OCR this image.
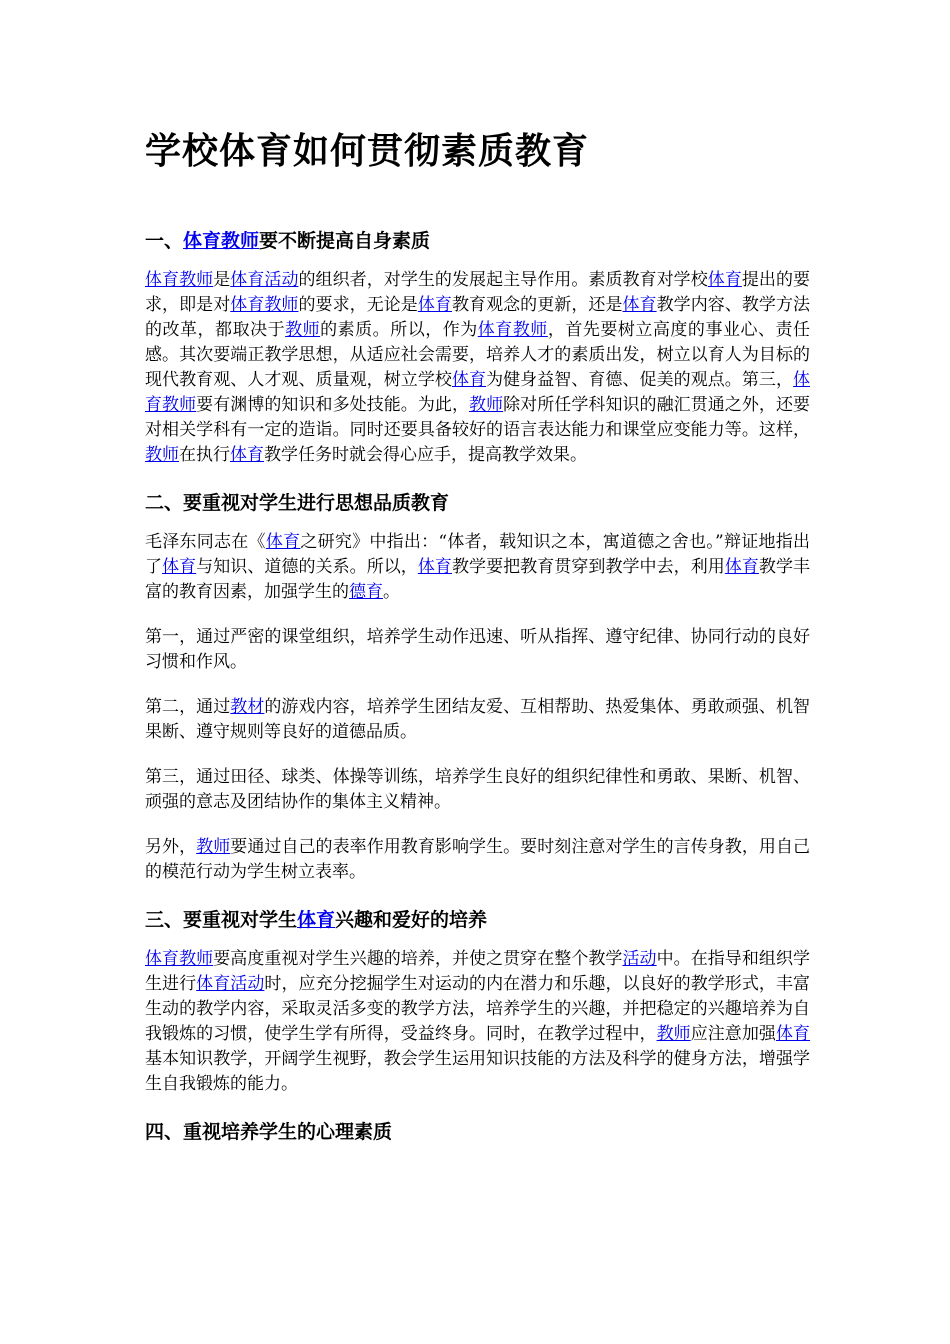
学校体育如何贯彻素质教育
一、体育教师要不断提高自身素质

体育教师是体育活动的组织者，对学生的发展起主导作用。素质教育对学校体育提出的要求，即是对体育教师的要求，无论是体育教育观念的更新，还是体育教学内容、教学方法的改革，都取决于教师的素质。所以，作为体育教师，首先要树立高度的事业心、责任感。其次要端正教学思想，从适应社会需要，培养人才的素质出发，树立以育人为目标的现代教育观、人才观、质量观，树立学校体育为健身益智、育德、促美的观点。第三，体育教师要有渊博的知识和多处技能。为此，教师除对所任学科知识的融汇贯通之外，还要对相关学科有一定的造诣。同时还要具备较好的语言表达能力和课堂应变能力等。这样，教师在执行体育教学任务时就会得心应手，提高教学效果。

二、要重视对学生进行思想品质教育

毛泽东同志在《体育之研究》中指出：“体者，载知识之本，寓道德之舍也。”辩证地指出了体育与知识、道德的关系。所以，体育教学要把教育贯穿到教学中去，利用体育教学丰富的教育因素，加强学生的德育。

第一，通过严密的课堂组织，培养学生动作迅速、听从指挥、遵守纪律、协同行动的良好习惯和作风。

第二，通过教材的游戏内容，培养学生团结友爱、互相帮助、热爱集体、勇敢顽强、机智果断、遵守规则等良好的道德品质。

第三，通过田径、球类、体操等训练，培养学生良好的组织纪律性和勇敢、果断、机智、顽强的意志及团结协作的集体主义精神。

另外，教师要通过自己的表率作用教育影响学生。要时刻注意对学生的言传身教，用自己的模范行动为学生树立表率。

三、要重视对学生体育兴趣和爱好的培养

体育教师要高度重视对学生兴趣的培养，并使之贯穿在整个教学活动中。在指导和组织学生进行体育活动时，应充分挖掘学生对运动的内在潜力和乐趣，以良好的教学形式，丰富生动的教学内容，采取灵活多变的教学方法，培养学生的兴趣，并把稳定的兴趣培养为自我锻炼的习惯，使学生学有所得，受益终身。同时，在教学过程中，教师应注意加强体育基本知识教学，开阔学生视野，教会学生运用知识技能的方法及科学的健身方法，增强学生自我锻炼的能力。

四、重视培养学生的心理素质
